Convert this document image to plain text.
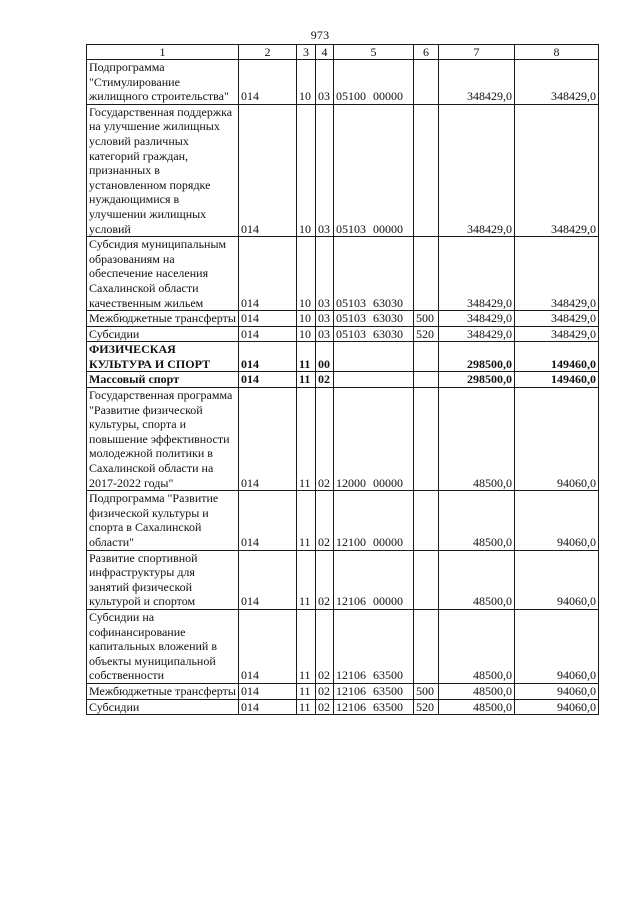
973
1	2	3	4	5	6	7	8
Подпрограмма "Стимулирование жилищного строительства"	014	10	03	05100 00000		348429,0	348429,0
Государственная поддержка на улучшение жилищных условий различных категорий граждан, признанных в установленном порядке нуждающимися в улучшении жилищных условий	014	10	03	05103 00000		348429,0	348429,0
Субсидия муниципальным образованиям на обеспечение населения Сахалинской области качественным жильем	014	10	03	05103 63030		348429,0	348429,0
Межбюджетные трансферты	014	10	03	05103 63030	500	348429,0	348429,0
Субсидии	014	10	03	05103 63030	520	348429,0	348429,0
ФИЗИЧЕСКАЯ КУЛЬТУРА И СПОРТ	014	11	00			298500,0	149460,0
Массовый спорт	014	11	02			298500,0	149460,0
Государственная программа "Развитие физической культуры, спорта и повышение эффективности молодежной политики в Сахалинской области на 2017-2022 годы"	014	11	02	12000 00000		48500,0	94060,0
Подпрограмма "Развитие физической культуры и спорта в Сахалинской области"	014	11	02	12100 00000		48500,0	94060,0
Развитие спортивной инфраструктуры для занятий физической культурой и спортом	014	11	02	12106 00000		48500,0	94060,0
Субсидии на софинансирование капитальных вложений в объекты муниципальной собственности	014	11	02	12106 63500		48500,0	94060,0
Межбюджетные трансферты	014	11	02	12106 63500	500	48500,0	94060,0
Субсидии	014	11	02	12106 63500	520	48500,0	94060,0
